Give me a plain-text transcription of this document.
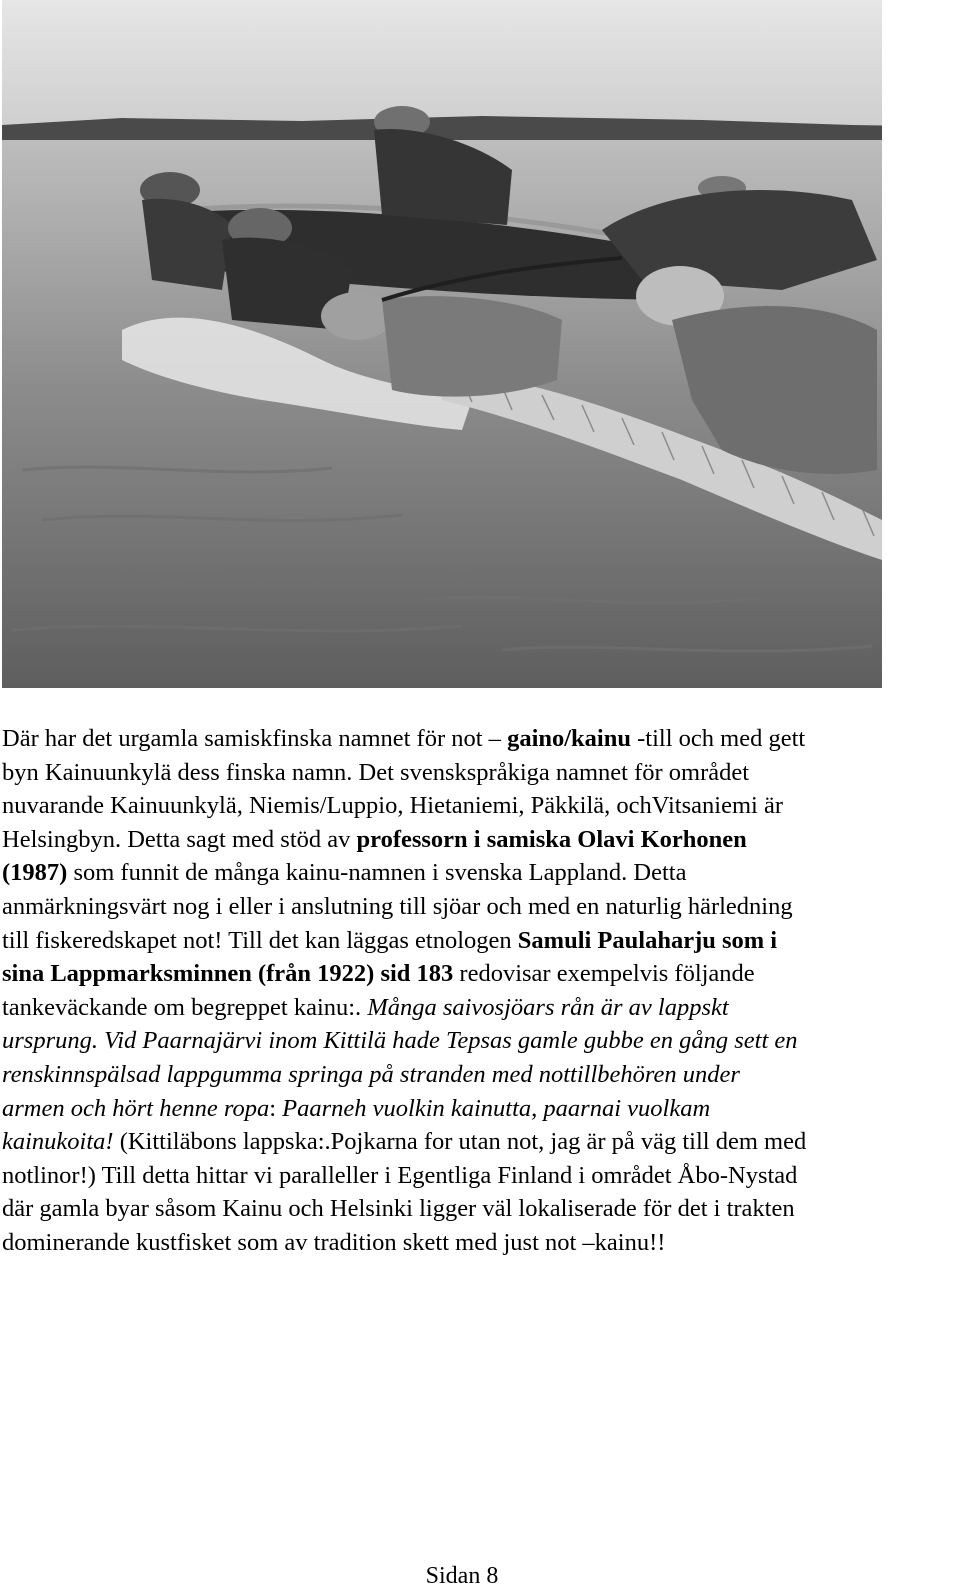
Där har det urgamla samiskfinska namnet för not – gaino/kainu -till och med gett
byn Kainuunkylä dess finska namn. Det svenskspråkiga namnet för området
nuvarande Kainuunkylä, Niemis/Luppio, Hietaniemi, Päkkilä, ochVitsaniemi är
Helsingbyn. Detta sagt med stöd av professorn i samiska Olavi Korhonen
(1987) som funnit de många kainu-namnen i svenska Lappland. Detta
anmärkningsvärt nog i eller i anslutning till sjöar och med en naturlig härledning
till fiskeredskapet not! Till det kan läggas etnologen Samuli Paulaharju som i
sina Lappmarksminnen (från 1922) sid 183 redovisar exempelvis följande
tankeväckande om begreppet kainu:. Många saivosjöars rån är av lappskt
ursprung. Vid Paarnajärvi inom Kittilä hade Tepsas gamle gubbe en gång sett en
renskinnspälsad lappgumma springa på stranden med nottillbehören under
armen och hört henne ropa: Paarneh vuolkin kainutta, paarnai vuolkam
kainukoita! (Kittiläbons lappska:.Pojkarna for utan not, jag är på väg till dem med
notlinor!) Till detta hittar vi paralleller i Egentliga Finland i området Åbo-Nystad
där gamla byar såsom Kainu och Helsinki ligger väl lokaliserade för det i trakten
dominerande kustfisket som av tradition skett med just not –kainu!!
Sidan 8
